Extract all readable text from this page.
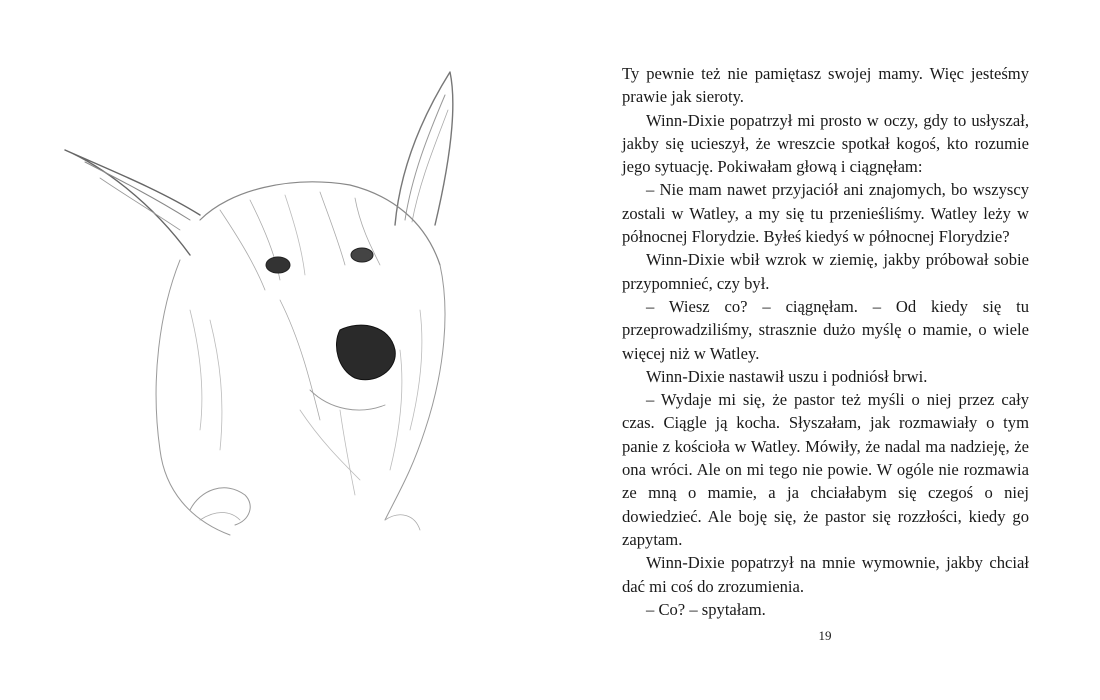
Ty pewnie też nie pamiętasz swojej mamy. Więc jesteśmy prawie jak sieroty.

Winn-Dixie popatrzył mi prosto w oczy, gdy to usłyszał, jakby się ucieszył, że wreszcie spotkał kogoś, kto rozumie jego sytuację. Pokiwałam głową i ciągnęłam:

– Nie mam nawet przyjaciół ani znajomych, bo wszyscy zostali w Watley, a my się tu przenieśliśmy. Watley leży w północnej Florydzie. Byłeś kiedyś w północnej Florydzie?

Winn-Dixie wbił wzrok w ziemię, jakby próbował sobie przypomnieć, czy był.

– Wiesz co? – ciągnęłam. – Od kiedy się tu przeprowadziliśmy, strasznie dużo myślę o mamie, o wiele więcej niż w Watley.

Winn-Dixie nastawił uszu i podniósł brwi.

– Wydaje mi się, że pastor też myśli o niej przez cały czas. Ciągle ją kocha. Słyszałam, jak rozmawiały o tym panie z kościoła w Watley. Mówiły, że nadal ma nadzieję, że ona wróci. Ale on mi tego nie powie. W ogóle nie rozmawia ze mną o mamie, a ja chciałabym się czegoś o niej dowiedzieć. Ale boję się, że pastor się rozzłości, kiedy go zapytam.

Winn-Dixie popatrzył na mnie wymownie, jakby chciał dać mi coś do zrozumienia.

– Co? – spytałam.

19
